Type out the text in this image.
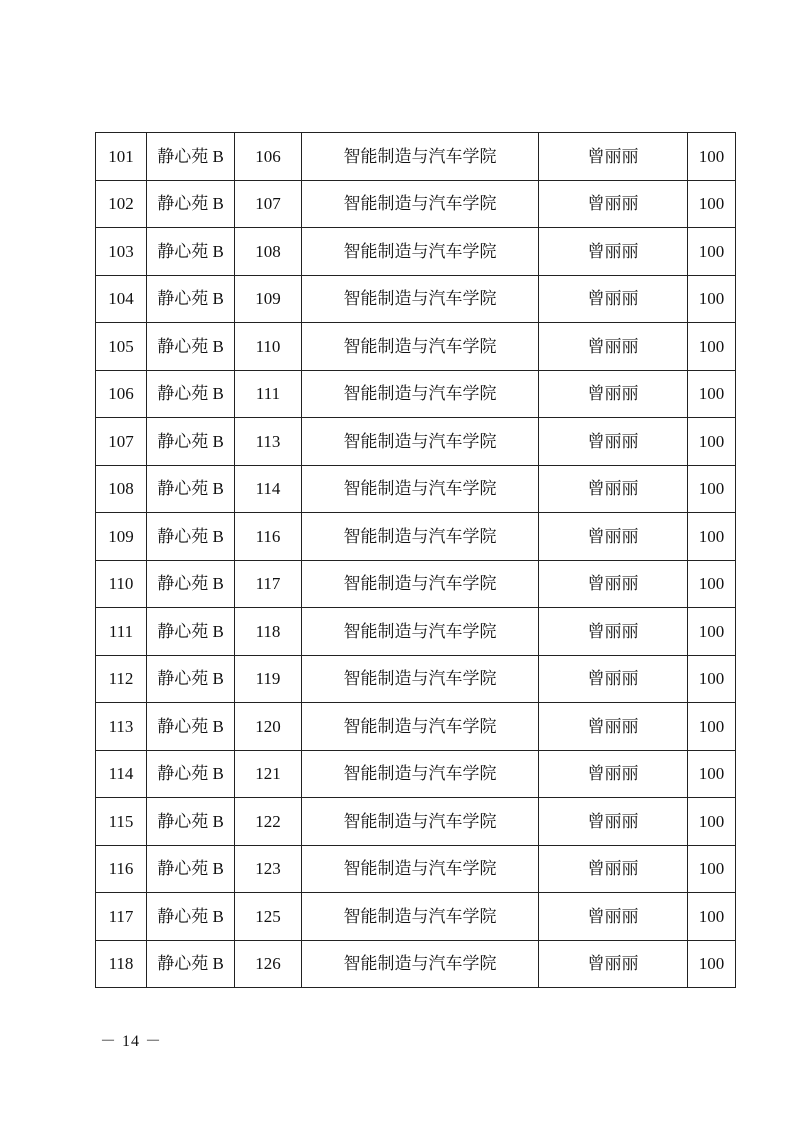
101	静心苑 B	106	智能制造与汽车学院	曾丽丽	100
102	静心苑 B	107	智能制造与汽车学院	曾丽丽	100
103	静心苑 B	108	智能制造与汽车学院	曾丽丽	100
104	静心苑 B	109	智能制造与汽车学院	曾丽丽	100
105	静心苑 B	110	智能制造与汽车学院	曾丽丽	100
106	静心苑 B	111	智能制造与汽车学院	曾丽丽	100
107	静心苑 B	113	智能制造与汽车学院	曾丽丽	100
108	静心苑 B	114	智能制造与汽车学院	曾丽丽	100
109	静心苑 B	116	智能制造与汽车学院	曾丽丽	100
110	静心苑 B	117	智能制造与汽车学院	曾丽丽	100
111	静心苑 B	118	智能制造与汽车学院	曾丽丽	100
112	静心苑 B	119	智能制造与汽车学院	曾丽丽	100
113	静心苑 B	120	智能制造与汽车学院	曾丽丽	100
114	静心苑 B	121	智能制造与汽车学院	曾丽丽	100
115	静心苑 B	122	智能制造与汽车学院	曾丽丽	100
116	静心苑 B	123	智能制造与汽车学院	曾丽丽	100
117	静心苑 B	125	智能制造与汽车学院	曾丽丽	100
118	静心苑 B	126	智能制造与汽车学院	曾丽丽	100
－ 14 －
